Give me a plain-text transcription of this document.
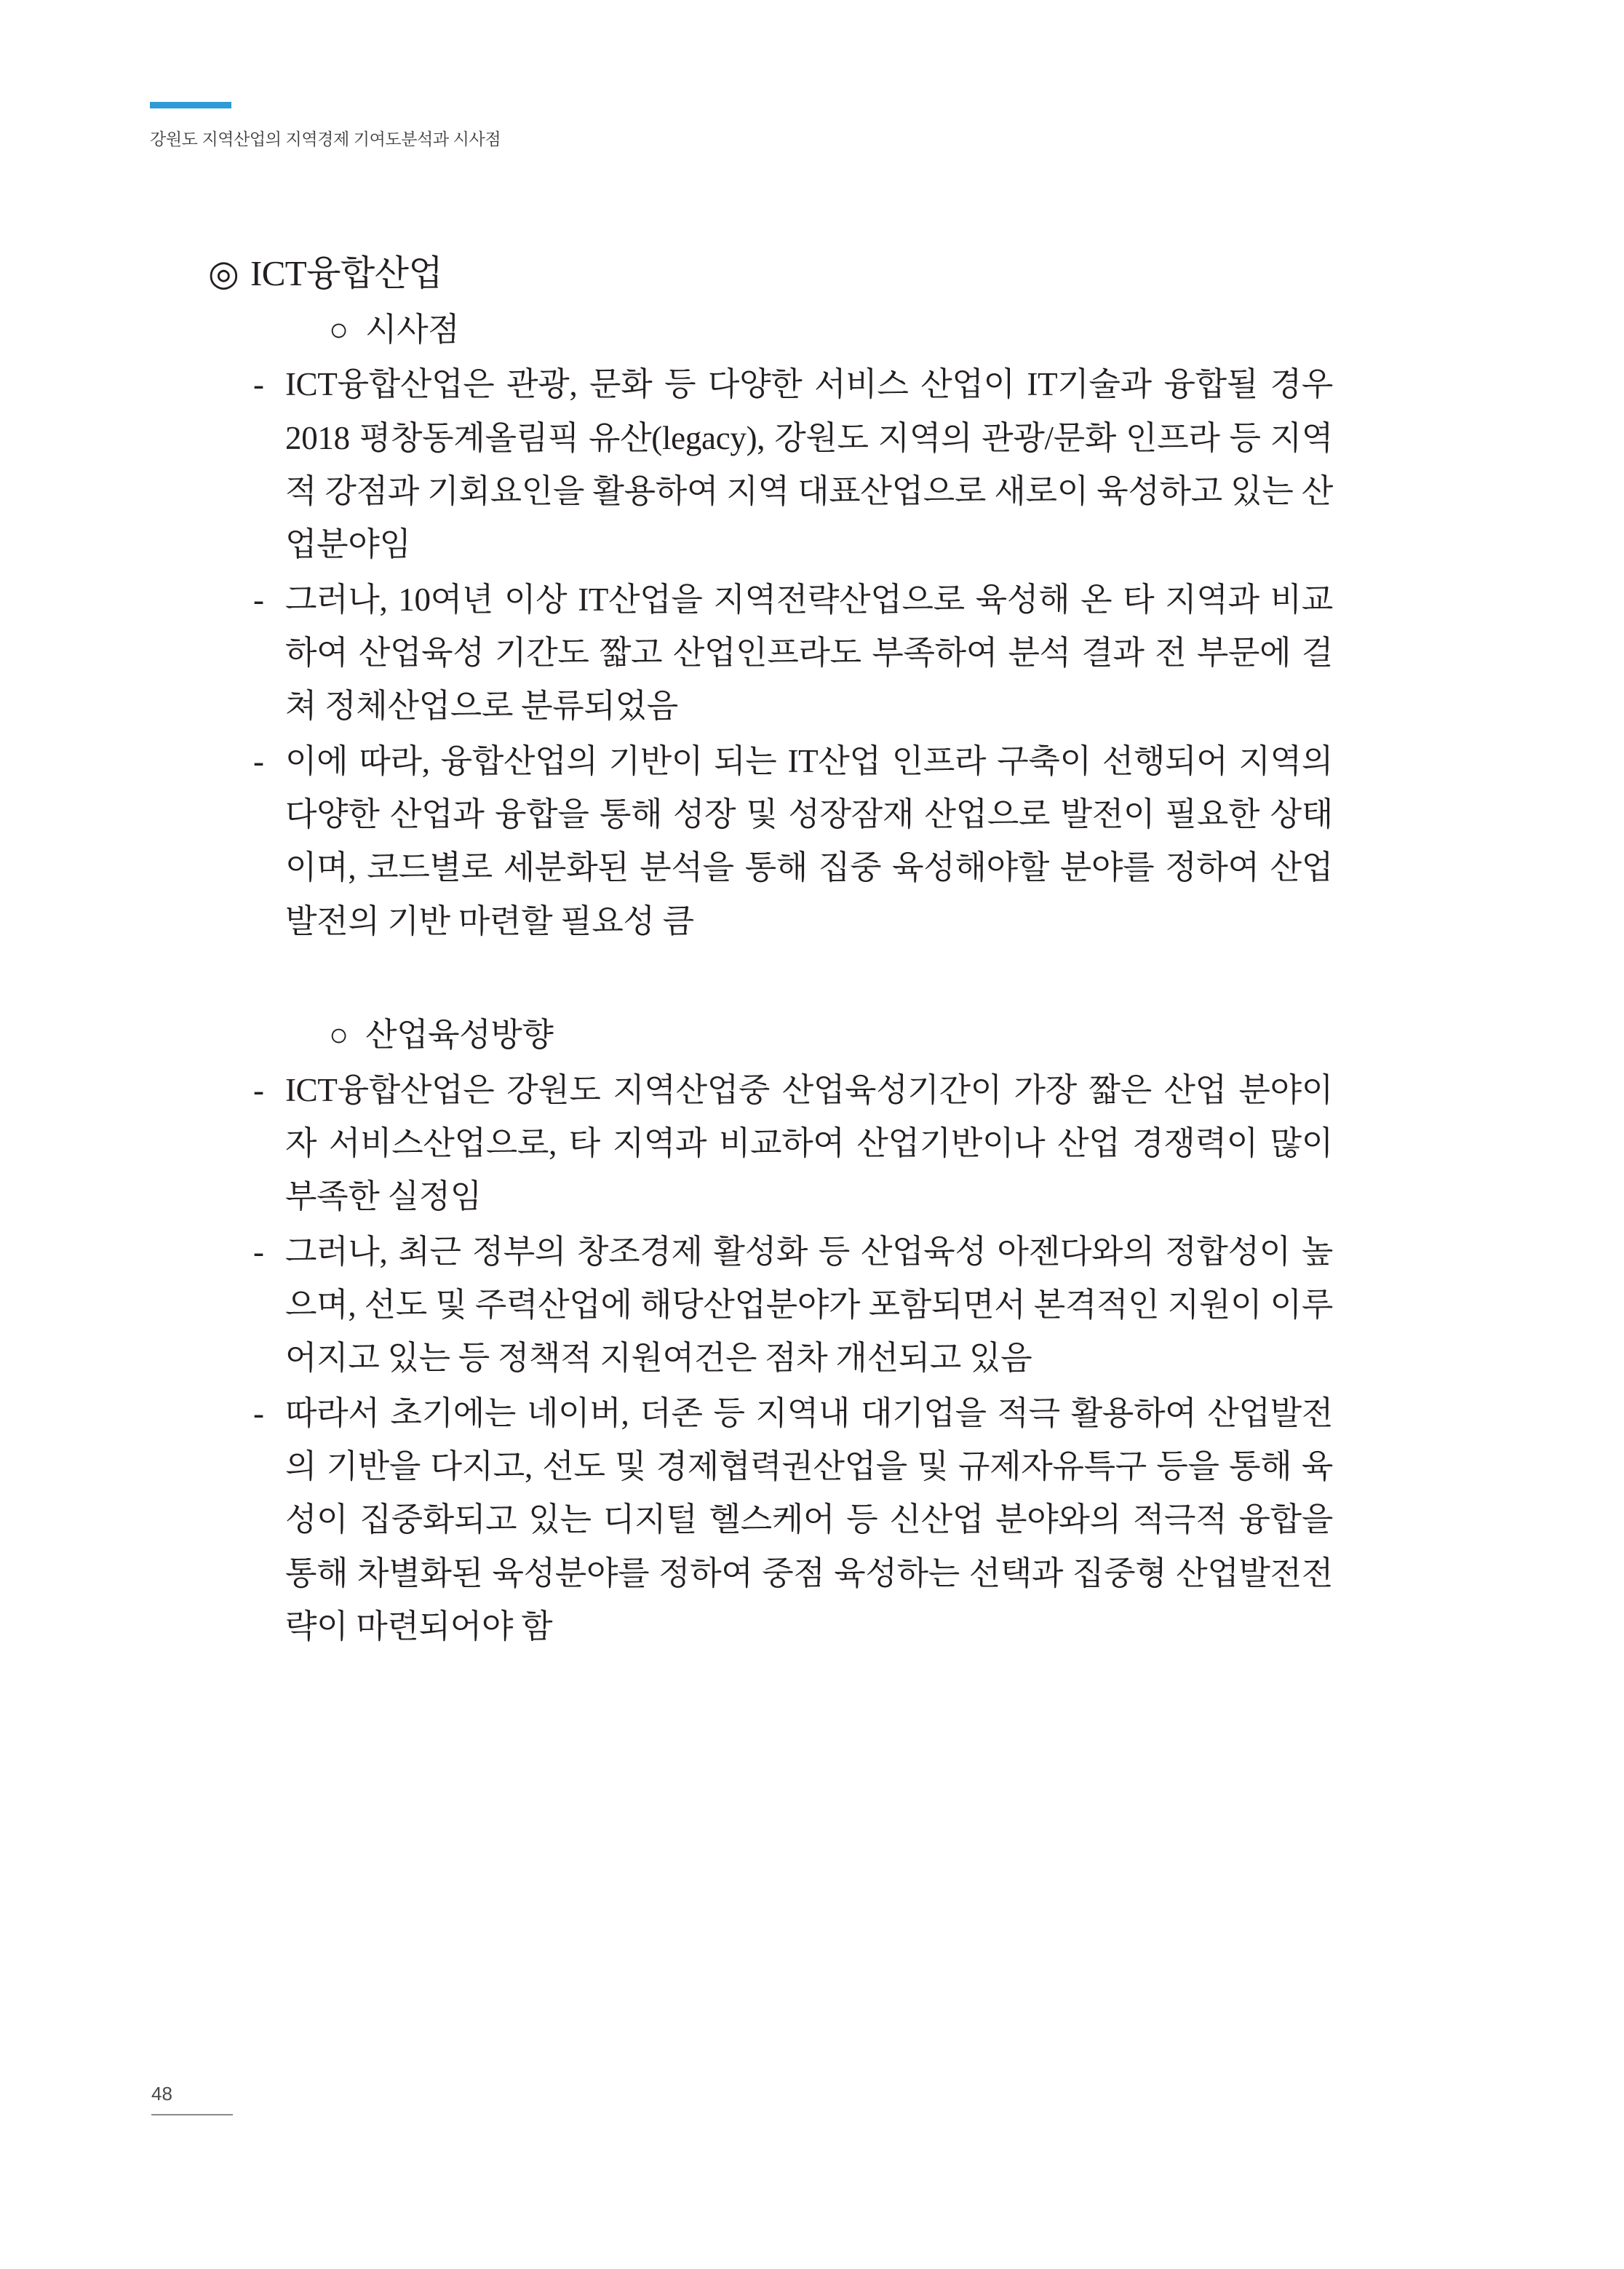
강원도 지역산업의 지역경제 기여도분석과 시사점
◎ ICT융합산업
○ 시사점
- ICT융합산업은 관광, 문화 등 다양한 서비스 산업이 IT기술과 융합될 경우 2018 평창동계올림픽 유산(legacy), 강원도 지역의 관광/문화 인프라 등 지역적 강점과 기회요인을 활용하여 지역 대표산업으로 새로이 육성하고 있는 산업분야임
- 그러나, 10여년 이상 IT산업을 지역전략산업으로 육성해 온 타 지역과 비교하여 산업육성 기간도 짧고 산업인프라도 부족하여 분석 결과 전 부문에 걸쳐 정체산업으로 분류되었음
- 이에 따라, 융합산업의 기반이 되는 IT산업 인프라 구축이 선행되어 지역의 다양한 산업과 융합을 통해 성장 및 성장잠재 산업으로 발전이 필요한 상태이며, 코드별로 세분화된 분석을 통해 집중 육성해야할 분야를 정하여 산업발전의 기반 마련할 필요성 큼
○ 산업육성방향
- ICT융합산업은 강원도 지역산업중 산업육성기간이 가장 짧은 산업 분야이자 서비스산업으로, 타 지역과 비교하여 산업기반이나 산업 경쟁력이 많이 부족한 실정임
- 그러나, 최근 정부의 창조경제 활성화 등 산업육성 아젠다와의 정합성이 높으며, 선도 및 주력산업에 해당산업분야가 포함되면서 본격적인 지원이 이루어지고 있는 등 정책적 지원여건은 점차 개선되고 있음
- 따라서 초기에는 네이버, 더존 등 지역내 대기업을 적극 활용하여 산업발전의 기반을 다지고, 선도 및 경제협력권산업을 및 규제자유특구 등을 통해 육성이 집중화되고 있는 디지털 헬스케어 등 신산업 분야와의 적극적 융합을 통해 차별화된 육성분야를 정하여 중점 육성하는 선택과 집중형 산업발전전략이 마련되어야 함
48
